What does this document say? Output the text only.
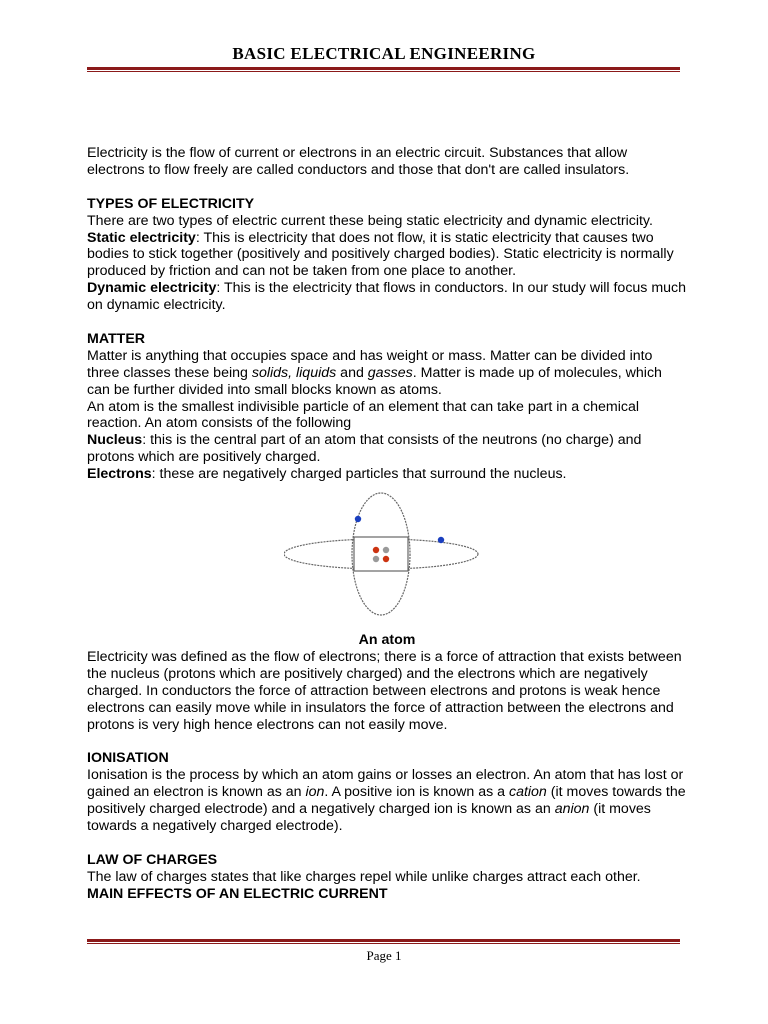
BASIC ELECTRICAL ENGINEERING

Electricity is the flow of current or electrons in an electric circuit. Substances that allow electrons to flow freely are called conductors and those that don't are called insulators.

TYPES OF ELECTRICITY

There are two types of electric current these being static electricity and dynamic electricity.

Static electricity: This is electricity that does not flow, it is static electricity that causes two bodies to stick together (positively and positively charged bodies). Static electricity is normally produced by friction and can not be taken from one place to another.

Dynamic electricity: This is the electricity that flows in conductors. In our study will focus much on dynamic electricity.

MATTER

Matter is anything that occupies space and has weight or mass. Matter can be divided into three classes these being solids, liquids and gasses. Matter is made up of molecules, which can be further divided into small blocks known as atoms.

An atom is the smallest indivisible particle of an element that can take part in a chemical reaction. An atom consists of the following

Nucleus: this is the central part of an atom that consists of the neutrons (no charge) and protons which are positively charged.

Electrons: these are negatively charged particles that surround the nucleus.

An atom

Electricity was defined as the flow of electrons; there is a force of attraction that exists between the nucleus (protons which are positively charged) and the electrons which are negatively charged. In conductors the force of attraction between electrons and protons is weak hence electrons can easily move while in insulators the force of attraction between the electrons and protons is very high hence electrons can not easily move.

IONISATION

Ionisation is the process by which an atom gains or losses an electron. An atom that has lost or gained an electron is known as an ion. A positive ion is known as a cation (it moves towards the positively charged electrode) and a negatively charged ion is known as an anion (it moves towards a negatively charged electrode).

LAW OF CHARGES

The law of charges states that like charges repel while unlike charges attract each other.

MAIN EFFECTS OF AN ELECTRIC CURRENT

Page 1
